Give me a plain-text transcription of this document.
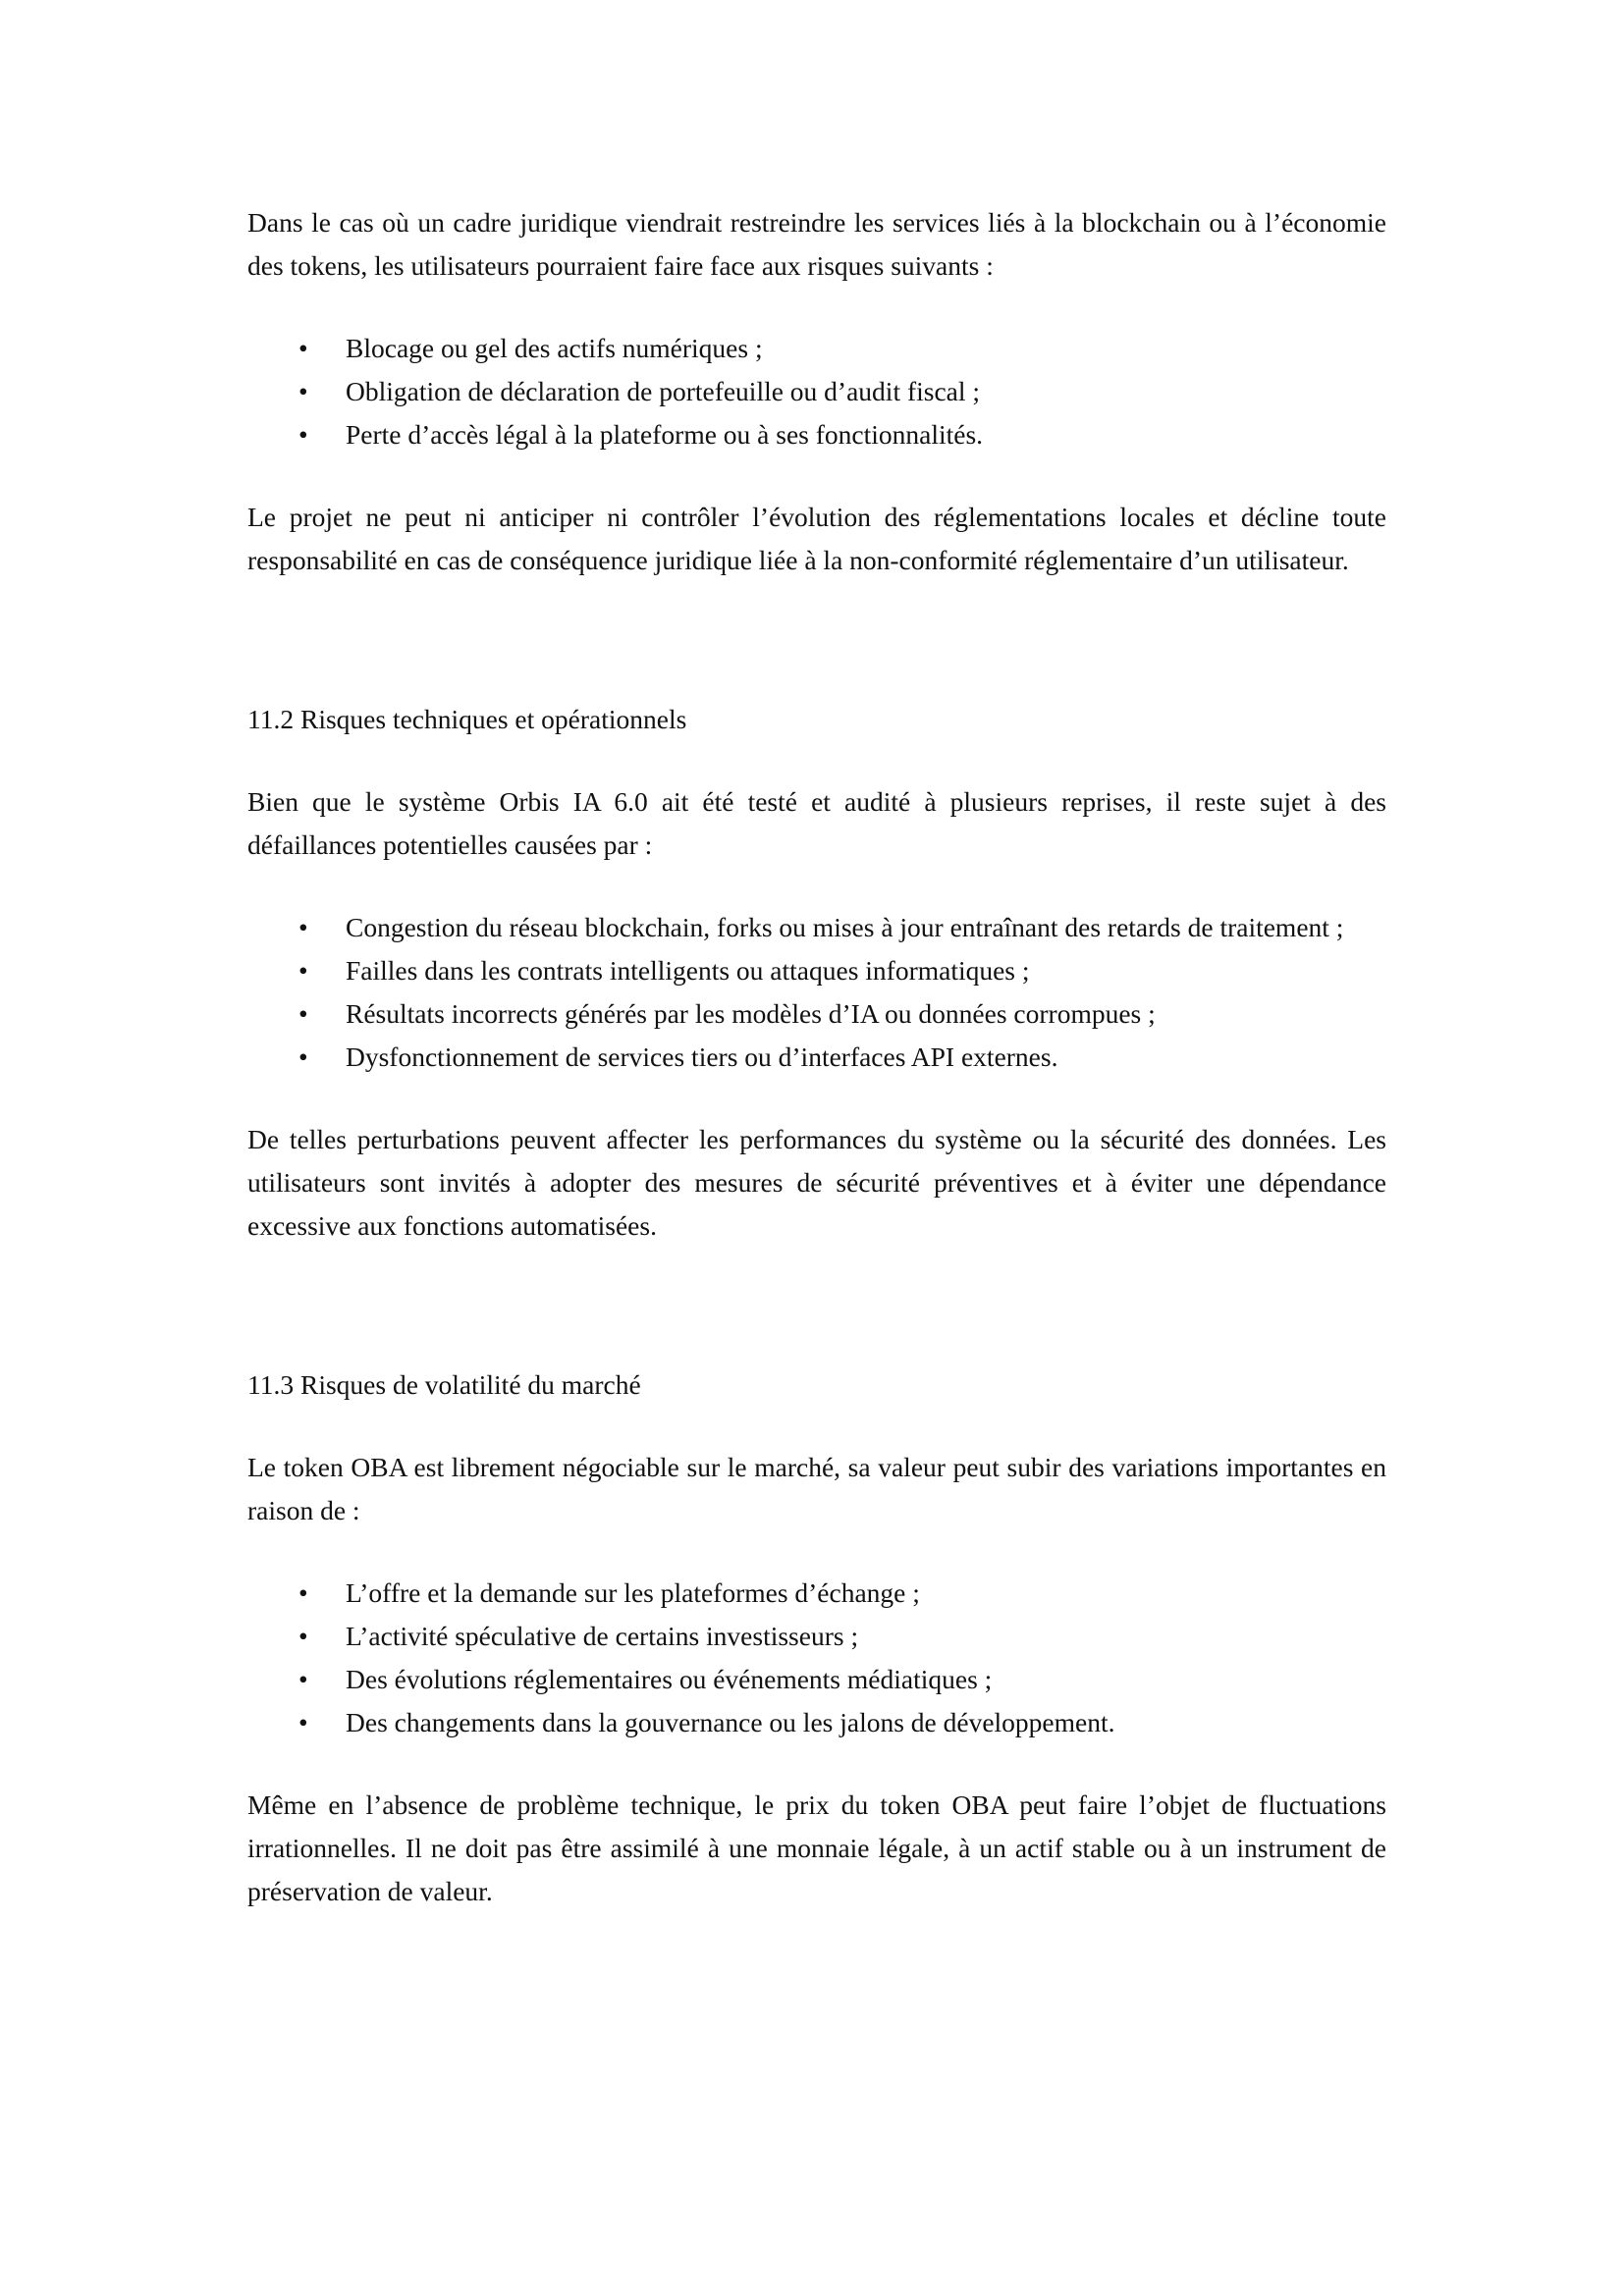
Dans le cas où un cadre juridique viendrait restreindre les services liés à la blockchain ou à l’économie des tokens, les utilisateurs pourraient faire face aux risques suivants :

• Blocage ou gel des actifs numériques ;
• Obligation de déclaration de portefeuille ou d’audit fiscal ;
• Perte d’accès légal à la plateforme ou à ses fonctionnalités.

Le projet ne peut ni anticiper ni contrôler l’évolution des réglementations locales et décline toute responsabilité en cas de conséquence juridique liée à la non-conformité réglementaire d’un utilisateur.

11.2 Risques techniques et opérationnels

Bien que le système Orbis IA 6.0 ait été testé et audité à plusieurs reprises, il reste sujet à des défaillances potentielles causées par :

• Congestion du réseau blockchain, forks ou mises à jour entraînant des retards de traitement ;
• Failles dans les contrats intelligents ou attaques informatiques ;
• Résultats incorrects générés par les modèles d’IA ou données corrompues ;
• Dysfonctionnement de services tiers ou d’interfaces API externes.

De telles perturbations peuvent affecter les performances du système ou la sécurité des données. Les utilisateurs sont invités à adopter des mesures de sécurité préventives et à éviter une dépendance excessive aux fonctions automatisées.

11.3 Risques de volatilité du marché

Le token OBA est librement négociable sur le marché, sa valeur peut subir des variations importantes en raison de :

• L’offre et la demande sur les plateformes d’échange ;
• L’activité spéculative de certains investisseurs ;
• Des évolutions réglementaires ou événements médiatiques ;
• Des changements dans la gouvernance ou les jalons de développement.

Même en l’absence de problème technique, le prix du token OBA peut faire l’objet de fluctuations irrationnelles. Il ne doit pas être assimilé à une monnaie légale, à un actif stable ou à un instrument de préservation de valeur.
